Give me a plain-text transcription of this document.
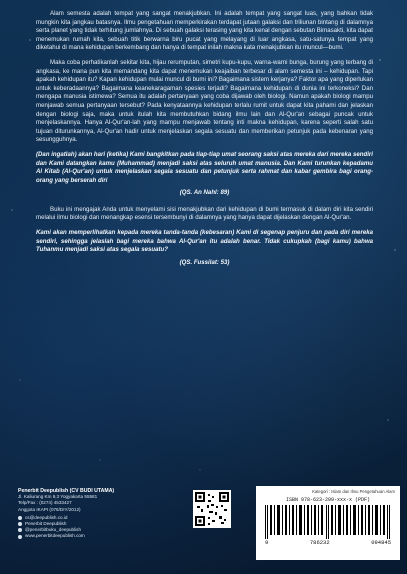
Alam semesta adalah tempat yang sangat menakjubkan. Ini adalah tempat yang sangat luas, yang bahkan tidak mungkin kita jangkau batasnya. Ilmu pengetahuan memperkirakan terdapat jutaan galaksi dan triliunan bintang di dalamnya serta planet yang tidak terhitung jumlahnya. Di sebuah galaksi terasing yang kita kenal dengan sebutan Bimasakti, kita dapat menemukan rumah kita, sebuah titik berwarna biru pucat yang melayang di luar angkasa, satu-satunya tempat yang diketahui di mana kehidupan berkembang dan hanya di tempat inilah makna kata menakjubkan itu muncul—bumi.

Maka coba perhatikanlah sekitar kita, hijau rerumputan, simetri kupu-kupu, warna-warni bunga, burung yang terbang di angkasa, ke mana pun kita memandang kita dapat menemukan keajaiban terbesar di alam semesta ini – kehidupan. Tapi apakah kehidupan itu? Kapan kehidupan mulai muncul di bumi ini? Bagaimana sistem kerjanya? Faktor apa yang diperlukan untuk keberadaannya? Bagaimana keanekaragaman spesies terjadi? Bagaimana kehidupan di dunia ini terkoneksi? Dan mengapa manusia istimewa? Semua itu adalah pertanyaan yang coba dijawab oleh biologi. Namun apakah biologi mampu menjawab semua pertanyaan tersebut? Pada kenyataannya kehidupan terlalu rumit untuk dapat kita pahami dan jelaskan dengan biologi saja, maka untuk itulah kita membutuhkan bidang ilmu lain dan Al-Qur'an sebagai puncak untuk menjelaskannya. Hanya Al-Qur'an-lah yang mampu menjawab tentang inti makna kehidupan, karena seperti salah satu tujuan diturunkannya, Al-Qur'an hadir untuk menjelaskan segala sesuatu dan memberikan petunjuk pada kebenaran yang sesungguhnya.

(Dan ingatlah) akan hari (ketika) Kami bangkitkan pada tiap-tiap umat seorang saksi atas mereka dari mereka sendiri dan Kami datangkan kamu (Muhammad) menjadi saksi atas seluruh umat manusia. Dan Kami turunkan kepadamu Al Kitab (Al-Qur'an) untuk menjelaskan segala sesuatu dan petunjuk serta rahmat dan kabar gembira bagi orang-orang yang berserah diri
(QS. An Nahl: 89)

Buku ini mengajak Anda untuk menyelami sisi menakjubkan dari kehidupan di bumi termasuk di dalam diri kita sendiri melalui ilmu biologi dan menangkap esensi tersembunyi di dalamnya yang hanya dapat dijelaskan dengan Al-Qur'an.

Kami akan memperlihatkan kepada mereka tanda-tanda (kebesaran) Kami di segenap penjuru dan pada diri mereka sendiri, sehingga jelaslah bagi mereka bahwa Al-Qur'an itu adalah benar. Tidak cukupkah (bagi kamu) bahwa Tuhanmu menjadi saksi atas segala sesuatu?
(QS. Fussilat: 53)
Penerbit Deepublish (CV BUDI UTAMA)
Jl. Kaliurang Km 9,3 Yogyakarta 55581
Telp/Fax : (0274) 4533427
Anggota IKAPI (076/DIY/2012)
cs@deepublish.co.id
Penerbit Deepublish
@penerbitbuku_deepublish
www.penerbitdeepublish.com
Kategori : Islam dan Ilmu Pengetahuan Alam
ISBN 978-623-209-xxx-x (PDF)
9	786232	094845
